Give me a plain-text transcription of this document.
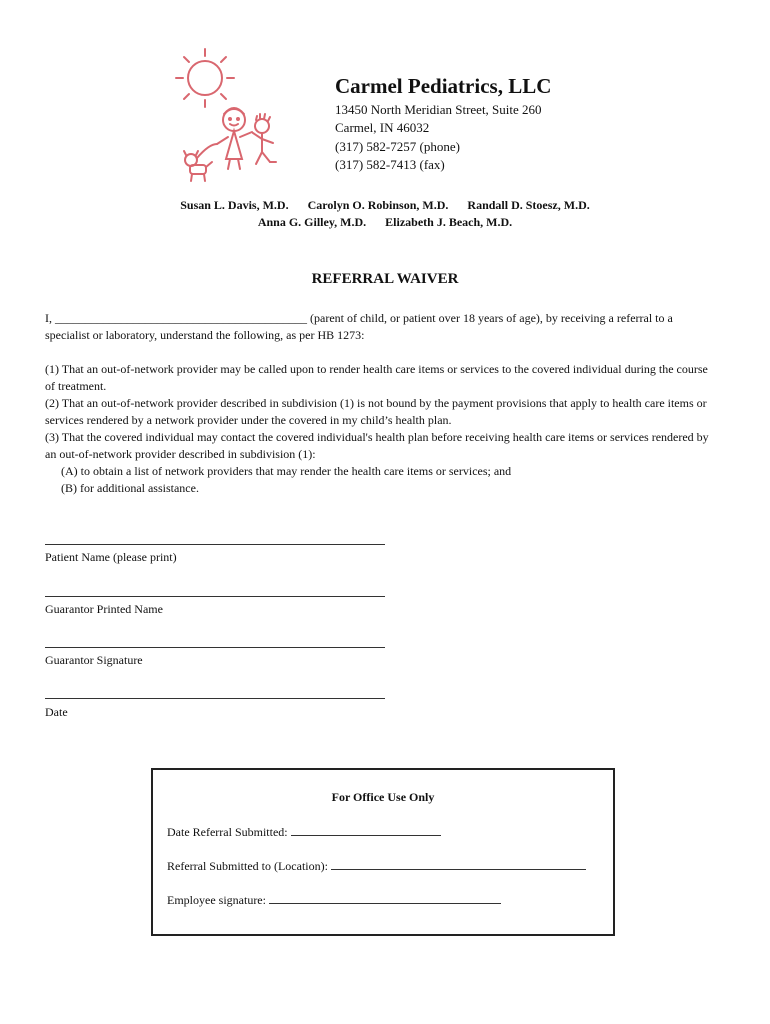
Carmel Pediatrics, LLC
13450 North Meridian Street, Suite 260
Carmel, IN 46032
(317) 582-7257 (phone)
(317) 582-7413 (fax)
Susan L. Davis, M.D. Carolyn O. Robinson, M.D. Randall D. Stoesz, M.D.
Anna G. Gilley, M.D. Elizabeth J. Beach, M.D.
REFERRAL WAIVER
I, __________________________________________ (parent of child, or patient over 18 years of age), by receiving a referral to a specialist or laboratory, understand the following, as per HB 1273:
(1) That an out-of-network provider may be called upon to render health care items or services to the covered individual during the course of treatment.
(2) That an out-of-network provider described in subdivision (1) is not bound by the payment provisions that apply to health care items or services rendered by a network provider under the covered in my child’s health plan.
(3) That the covered individual may contact the covered individual's health plan before receiving health care items or services rendered by an out-of-network provider described in subdivision (1):
(A) to obtain a list of network providers that may render the health care items or services; and
(B) for additional assistance.
Patient Name (please print)
Guarantor Printed Name
Guarantor Signature
Date
For Office Use Only
Date Referral Submitted:
Referral Submitted to (Location):
Employee signature:
